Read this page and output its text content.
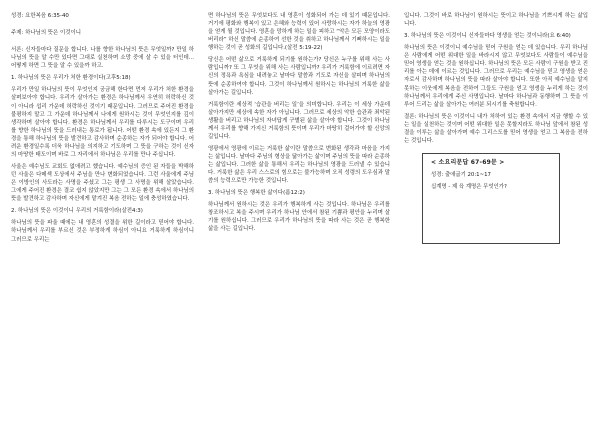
성경: 요한복음 6:35-40

주제: 하나님의 뜻은 이것이니

서론: 신자들마다 질문을 합니다. 나를 향한 하나님의 뜻은 무엇일까? 만일 하나님의 뜻을 알 수만 있다면 그대로 실천하며 소망 중에 살 수 있을 터인데... 어떻게 하면 그 뜻을 알 수 있을까 하고.

1. 하나님의 뜻은 우리가 처한 환경이다(고후5:18)

우리가 만일 하나님의 뜻이 무엇인지 궁금해 한다면 먼저 우리가 처한 환경을 살펴보아야 합니다. 우리가 살아가는 환경은 하나님께서 우연히 허락하신 것이 아니라 섭리 가운데 허락하신 것이기 때문입니다. 그러므로 주어진 환경을 불평하지 말고 그 가운데 하나님께서 나에게 원하시는 것이 무엇인지를 깊이 생각하며 살아야 합니다. 환경은 하나님께서 우리를 다루시는 도구이며 우리를 향한 하나님의 뜻을 드러내는 통로가 됩니다. 어떤 환경 속에 있든지 그 환경을 통해 하나님의 뜻을 발견하고 감사하며 순종하는 자가 되어야 합니다. 어려운 환경일수록 더욱 하나님을 의지하고 기도하며 그 뜻을 구하는 것이 신자의 마땅한 태도이며 바로 그 자리에서 하나님은 우리를 만나 주십니다.

사울은 예수님도 교회도 없애려고 했습니다. 예수님의 증인 된 자들을 박해하던 사울은 다메섹 도상에서 주님을 만나 변화되었습니다. 그런 사울에게 주님은 이방인의 사도라는 사명을 주셨고 그는 평생 그 사명을 위해 살았습니다. 그에게 주어진 환경은 결코 쉽지 않았지만 그는 그 모든 환경 속에서 하나님의 뜻을 발견하고 감사하며 자신에게 맡겨진 복음 전하는 일에 충성하였습니다.

2. 하나님의 뜻은 이것이니 우리의 거룩함이라(살전4:3)

하나님의 뜻을 파울 때에는 내 영혼의 성결을 위한 길이라고 믿어야 합니다. 하나님께서 우리를 부르신 것은 부정하게 하심이 아니요 거룩하게 하심이니 그러므로 우리는

면 하나님의 뜻은 무엇보다도 내 영혼이 성화되어 가는 데 있기 때문입니다. 거기에 평화와 행복이 있고 은혜와 능력이 있어 사랑하시는 자가 하늘의 영광을 얻게 될 것입니다. 영혼을 망하게 하는 일을 피하고 “악은 모든 모양이라도 버리라” 하신 말씀에 순종하여 선한 것을 취하고 하나님께서 기뻐하시는 일을 행하는 것이 곧 성화의 길입니다.(살전 5:19-22)

당신은 어떤 삶으로 거룩하게 되기를 원하는가? 당신은 누구를 위해 사는 사람입니까? 또 그 무엇을 위해 사는 사람입니까? 우리가 거룩함에 이르려면 자신의 정욕과 욕심을 내려놓고 날마다 말씀과 기도로 자신을 살피며 하나님의 뜻에 순종하여야 합니다. 그것이 하나님께서 원하시는 하나님의 거룩한 삶을 살아가는 길입니다.

거룩함이란 세상적 ‘습관을 버리는 일’을 의미합니다. 우리는 이 세상 가운데 살아가지만 세상에 속한 자가 아닙니다. 그러므로 세상의 악한 습관과 죄악된 생활을 버리고 하나님의 자녀답게 구별된 삶을 살아야 합니다. 그것이 하나님께서 우리를 향해 가지신 거룩함의 뜻이며 우리가 마땅히 걸어가야 할 신앙의 길입니다.

영광에서 영광에 이르는 거룩한 삶이란 말씀으로 변화된 생각과 마음을 가지는 삶입니다. 날마다 주님의 형상을 닮아가는 삶이며 주님의 뜻을 따라 순종하는 삶입니다. 그러한 삶을 통해서 우리는 하나님의 영광을 드러낼 수 있습니다. 거룩한 삶은 우리 스스로의 힘으로는 불가능하며 오직 성령의 도우심과 말씀의 능력으로만 가능한 것입니다.

3. 하나님의 뜻은 행복한 삶이다(롬12:2)

하나님께서 원하시는 것은 우리가 행복하게 사는 것입니다. 하나님은 우리를 창조하시고 복을 주시며 우리가 하나님 안에서 참된 기쁨과 평안을 누리며 살기를 원하십니다. 그러므로 우리가 하나님의 뜻을 따라 사는 것은 곧 행복한 삶을 사는 길입니다.

입니다. 그것이 바로 하나님이 원하시는 뜻이고 하나님을 기쁘시게 하는 삶입니다.

3. 하나님의 뜻은 이것이니 신자들마다 영생을 얻는 것이니라(요 6:40)

하나님의 뜻은 이것이니 예수님을 믿어 구원을 얻는 데 있습니다. 우리 하나님은 사람에게 어떤 위대한 일을 바라시지 않고 무엇보다도 사람들이 예수님을 믿어 영생을 얻는 것을 원하십니다. 하나님의 뜻은 모든 사람이 구원을 받고 진리를 아는 데에 이르는 것입니다. 그러므로 우리는 예수님을 믿고 영생을 얻은 자로서 감사하며 하나님의 뜻을 따라 살아야 합니다. 또한 아직 예수님을 알지 못하는 이웃에게 복음을 전하여 그들도 구원을 얻고 영생을 누리게 하는 것이 하나님께서 우리에게 주신 사명입니다. 날마다 하나님과 동행하며 그 뜻을 이루어 드리는 삶을 살아가는 여러분 되시기를 축원합니다.

결론: 하나님의 뜻은 이것이니 내가 처하여 있는 환경 속에서 지금 행할 수 있는 일을 실천하는 것이며 어떤 위대한 일은 못할지라도 하나님 앞에서 참된 성결을 이루는 삶을 살아가며 예수 그리스도를 믿어 영생을 얻고 그 복음을 전하는 것입니다.

< 소요리문답 67-69문 >

성경: 출애굽기 20:1~17

십계명 - 제 육 계명은 무엇인가?
